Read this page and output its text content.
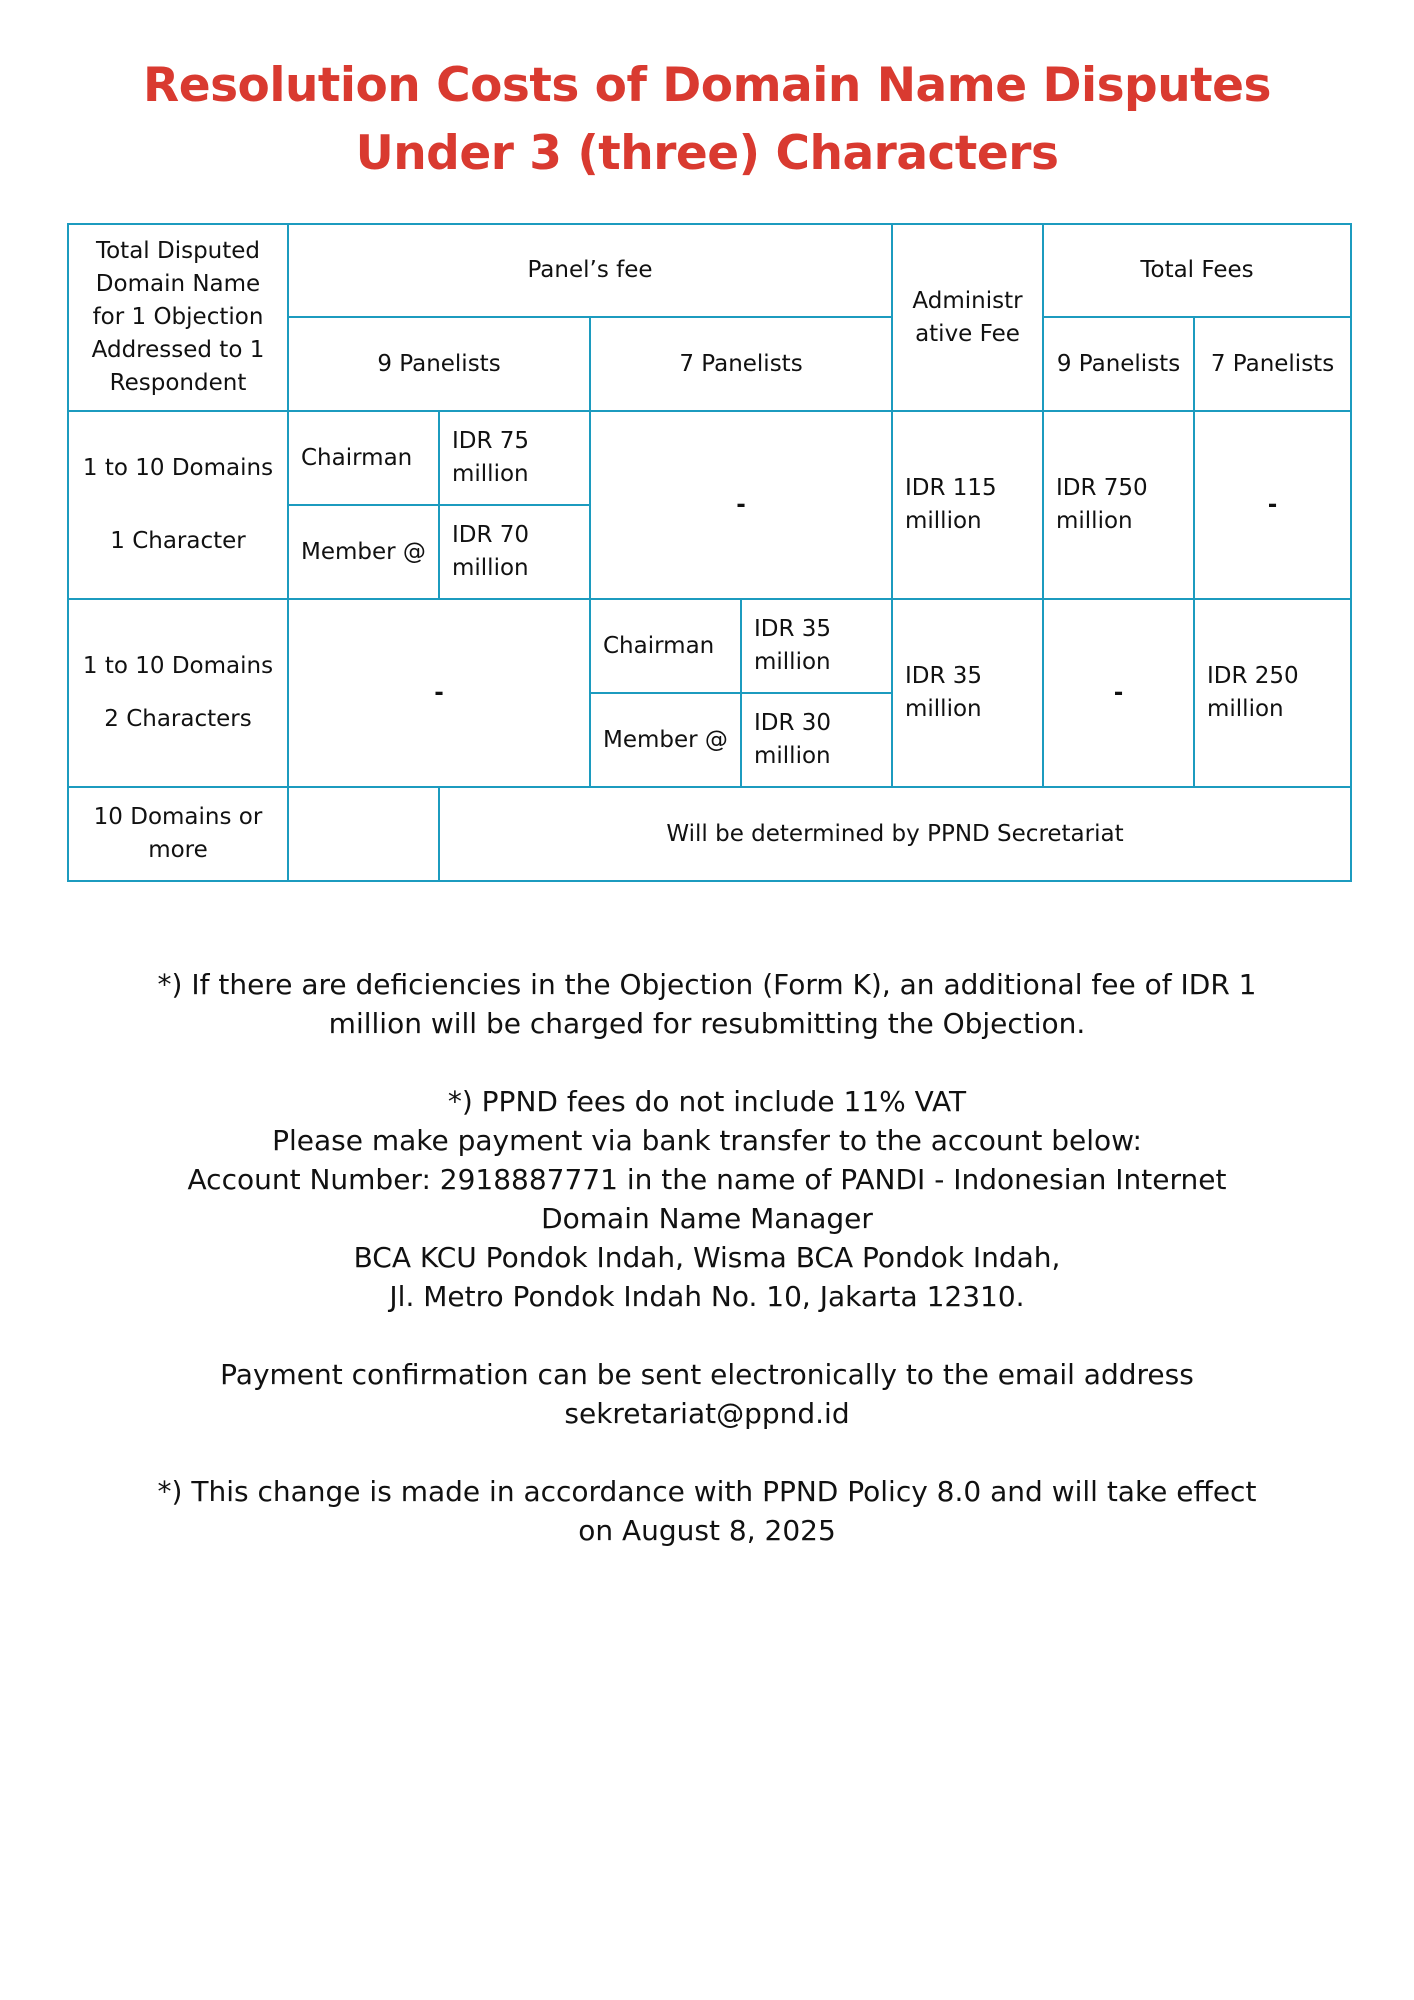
Resolution Costs of Domain Name Disputes
Under 3 (three) Characters
Total Disputed Domain Name for 1 Objection Addressed to 1 Respondent	Panel’s fee				Administr ative Fee	Total Fees	
	9 Panelists		7 Panelists			9 Panelists	7 Panelists

1 to 10 Domains
1 Character	Chairman	IDR 75 million	-		IDR 115 million	IDR 750 million	-
	Member @	IDR 70 million					

1 to 10 Domains
2 Characters	-		Chairman	IDR 35 million	IDR 35 million	-	IDR 250 million
			Member @	IDR 30 million			
10 Domains or more		Will be determined by PPND Secretariat					

*) If there are deficiencies in the Objection (Form K), an additional fee of IDR 1

million will be charged for resubmitting the Objection.

*) PPND fees do not include 11% VAT

Please make payment via bank transfer to the account below:

Account Number: 2918887771 in the name of PANDI - Indonesian Internet

Domain Name Manager

BCA KCU Pondok Indah, Wisma BCA Pondok Indah,

Jl. Metro Pondok Indah No. 10, Jakarta 12310.

Payment confirmation can be sent electronically to the email address

sekretariat@ppnd.id

*) This change is made in accordance with PPND Policy 8.0 and will take effect

on August 8, 2025
